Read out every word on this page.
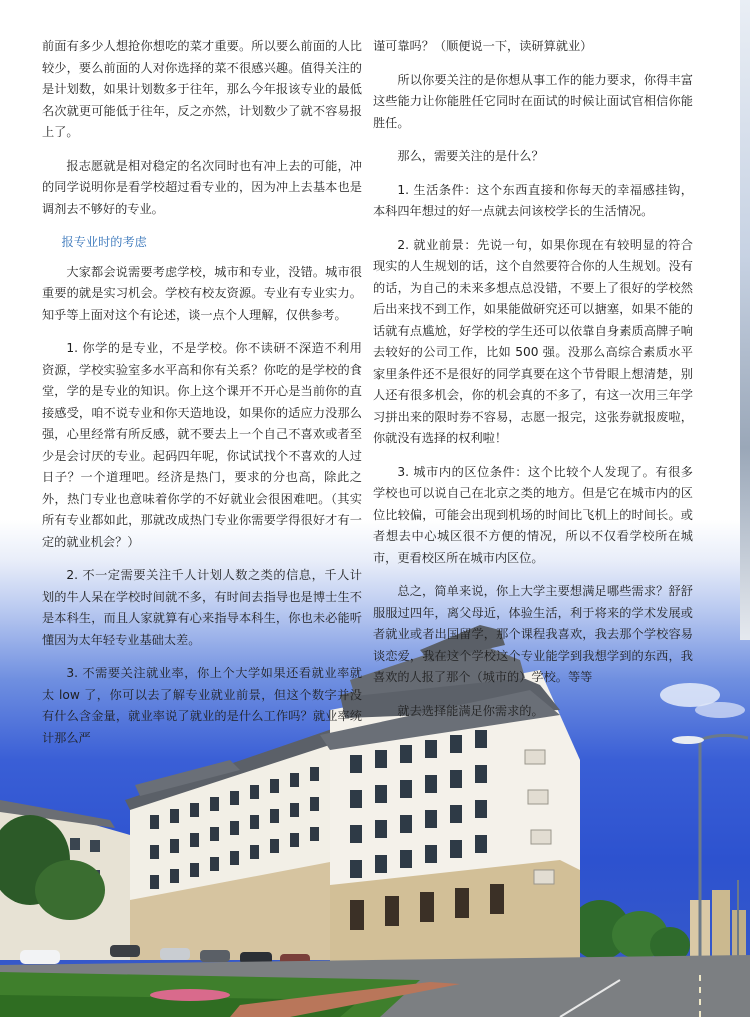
前面有多少人想抢你想吃的菜才重要。所以要么前面的人比较少，要么前面的人对你选择的菜不很感兴趣。值得关注的是计划数，如果计划数多于往年，那么今年报该专业的最低名次就更可能低于往年，反之亦然，计划数少了就不容易报上了。

报志愿就是相对稳定的名次同时也有冲上去的可能，冲的同学说明你是看学校超过看专业的，因为冲上去基本也是调剂去不够好的专业。

报专业时的考虑

大家都会说需要考虑学校，城市和专业，没错。城市很重要的就是实习机会。学校有校友资源。专业有专业实力。知乎等上面对这个有论述，谈一点个人理解，仅供参考。

1. 你学的是专业，不是学校。你不读研不深造不利用资源，学校实验室多水平高和你有关系？你吃的是学校的食堂，学的是专业的知识。你上这个课开不开心是当前你的直接感受，咱不说专业和你天造地设，如果你的适应力没那么强，心里经常有所反感，就不要去上一个自己不喜欢或者至少是会讨厌的专业。起码四年呢，你试试找个不喜欢的人过日子？一个道理吧。经济是热门，要求的分也高，除此之外，热门专业也意味着你学的不好就业会很困难吧。（其实所有专业都如此，那就改成热门专业你需要学得很好才有一定的就业机会？）

2. 不一定需要关注千人计划人数之类的信息，千人计划的牛人呆在学校时间就不多，有时间去指导也是博士生不是本科生，而且人家就算有心来指导本科生，你也未必能听懂因为太年轻专业基础太差。

3. 不需要关注就业率，你上个大学如果还看就业率就太 low 了，你可以去了解专业就业前景，但这个数字并没有什么含金量，就业率说了就业的是什么工作吗？就业率统计那么严

谨可靠吗？（顺便说一下，读研算就业）

所以你要关注的是你想从事工作的能力要求，你得丰富这些能力让你能胜任它同时在面试的时候让面试官相信你能胜任。

那么，需要关注的是什么？

1. 生活条件：这个东西直接和你每天的幸福感挂钩，本科四年想过的好一点就去问该校学长的生活情况。

2. 就业前景：先说一句，如果你现在有较明显的符合现实的人生规划的话，这个自然要符合你的人生规划。没有的话，为自己的未来多想点总没错，不要上了很好的学校然后出来找不到工作，如果能做研究还可以搪塞，如果不能的话就有点尴尬，好学校的学生还可以依靠自身素质高牌子响去较好的公司工作，比如 500 强。没那么高综合素质水平家里条件还不是很好的同学真要在这个节骨眼上想清楚，别人还有很多机会，你的机会真的不多了，有这一次用三年学习拼出来的限时券不容易，志愿一报完，这张券就报废啦，你就没有选择的权利啦！

3. 城市内的区位条件：这个比较个人发现了。有很多学校也可以说自己在北京之类的地方。但是它在城市内的区位比较偏，可能会出现到机场的时间比飞机上的时间长。或者想去中心城区很不方便的情况，所以不仅看学校所在城市，更看校区所在城市内区位。

总之，简单来说，你上大学主要想满足哪些需求？舒舒服服过四年，离父母近，体验生活，利于将来的学术发展或者就业或者出国留学，那个课程我喜欢，我去那个学校容易谈恋爱，我在这个学校这个专业能学到我想学到的东西，我喜欢的人报了那个（城市的）学校。等等

就去选择能满足你需求的。
